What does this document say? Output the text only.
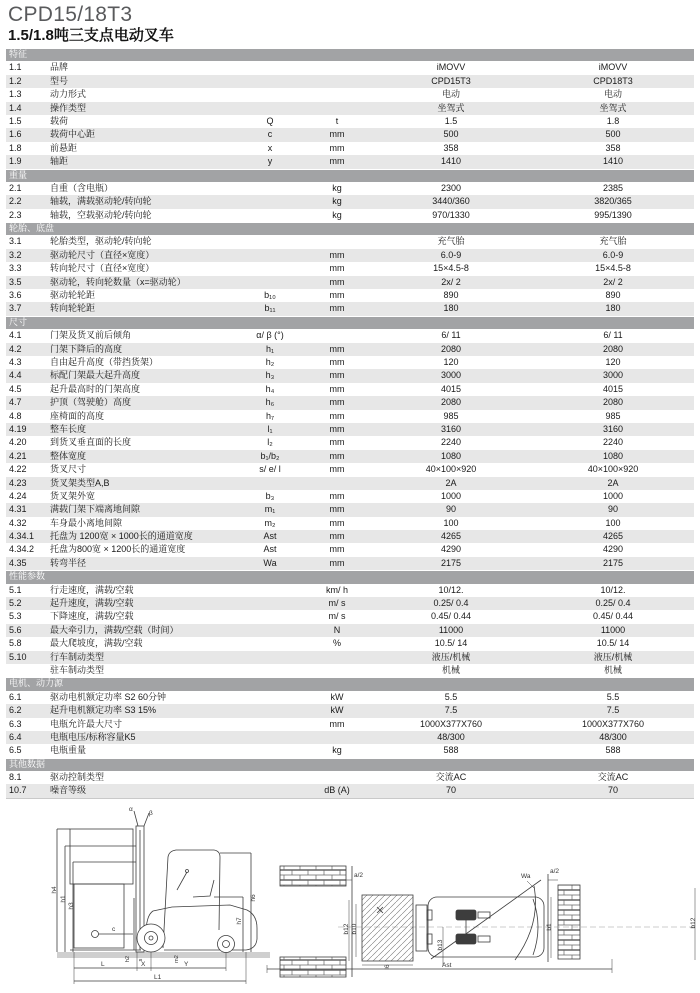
CPD15/18T3
1.5/1.8吨三支点电动叉车
特征
1.1	品牌	iMOVV	iMOVV
1.2	型号	CPD15T3	CPD18T3
1.3	动力形式	电动	电动
1.4	操作类型	坐驾式	坐驾式
1.5	载荷	Q	t	1.5	1.8
1.6	载荷中心距	c	mm	500	500
1.8	前悬距	x	mm	358	358
1.9	轴距	y	mm	1410	1410
重量
2.1	自重（含电瓶）	kg	2300	2385
2.2	轴载，满载驱动轮/转向轮	kg	3440/360	3820/365
2.3	轴载，空载驱动轮/转向轮	kg	970/1330	995/1390
轮胎、底盘
3.1	轮胎类型，驱动轮/转向轮	充气胎	充气胎
3.2	驱动轮尺寸（直径×宽度）	mm	6.0-9	6.0-9
3.3	转向轮尺寸（直径×宽度）	mm	15×4.5-8	15×4.5-8
3.5	驱动轮，转向轮数量（x=驱动轮）	mm	2x/ 2	2x/ 2
3.6	驱动轮轮距	b₁₀	mm	890	890
3.7	转向轮轮距	b₁₁	mm	180	180
尺寸
4.1	门架及货叉前后倾角	α/ β (°)	6/ 11	6/ 11
4.2	门架下降后的高度	h₁	mm	2080	2080
4.3	自由起升高度（带挡货架）	h₂	mm	120	120
4.4	标配门架最大起升高度	h₃	mm	3000	3000
4.5	起升最高时的门架高度	h₄	mm	4015	4015
4.7	护顶（驾驶舱）高度	h₆	mm	2080	2080
4.8	座椅面的高度	h₇	mm	985	985
4.19	整车长度	l₁	mm	3160	3160
4.20	到货叉垂直面的长度	l₂	mm	2240	2240
4.21	整体宽度	b₁/b₂	mm	1080	1080
4.22	货叉尺寸	s/ e/ l	mm	40×100×920	40×100×920
4.23	货叉架类型A,B	2A	2A
4.24	货叉架外宽	b₃	mm	1000	1000
4.31	满载门架下端离地间隙	m₁	mm	90	90
4.32	车身最小离地间隙	m₂	mm	100	100
4.34.1	托盘为 1200宽 × 1000长的通道宽度	Ast	mm	4265	4265
4.34.2	托盘为800宽 × 1200长的通道宽度	Ast	mm	4290	4290
4.35	转弯半径	Wa	mm	2175	2175
性能参数
5.1	行走速度，满载/空载	km/ h	10/12.	10/12.
5.2	起升速度，满载/空载	m/ s	0.25/ 0.4	0.25/ 0.4
5.3	下降速度，满载/空载	m/ s	0.45/ 0.44	0.45/ 0.44
5.6	最大牵引力，满载/空载（时间）	N	11000	11000
5.8	最大爬坡度，满载/空载	%	10.5/ 14	10.5/ 14
5.10	行车制动类型	液压/机械	液压/机械
驻车制动类型	机械	机械
电机、动力源
6.1	驱动电机额定功率 S2 60分钟	kW	5.5	5.5
6.2	起升电机额定功率 S3 15%	kW	7.5	7.5
6.3	电瓶允许最大尺寸	mm	1000X377X760	1000X377X760
6.4	电瓶电压/标称容量K5	48/300	48/300
6.5	电瓶重量	kg	588	588
其他数据
8.1	驱动控制类型	交流AC	交流AC
10.7	噪音等级	dB (A)	70	70
α
β
h4
h1
h3
h6
h7
c
h2 s	m2
L	X	Y
L1
a/2
a/2
Wa
b12 b10
l6
b13
b1	b12
Ast
